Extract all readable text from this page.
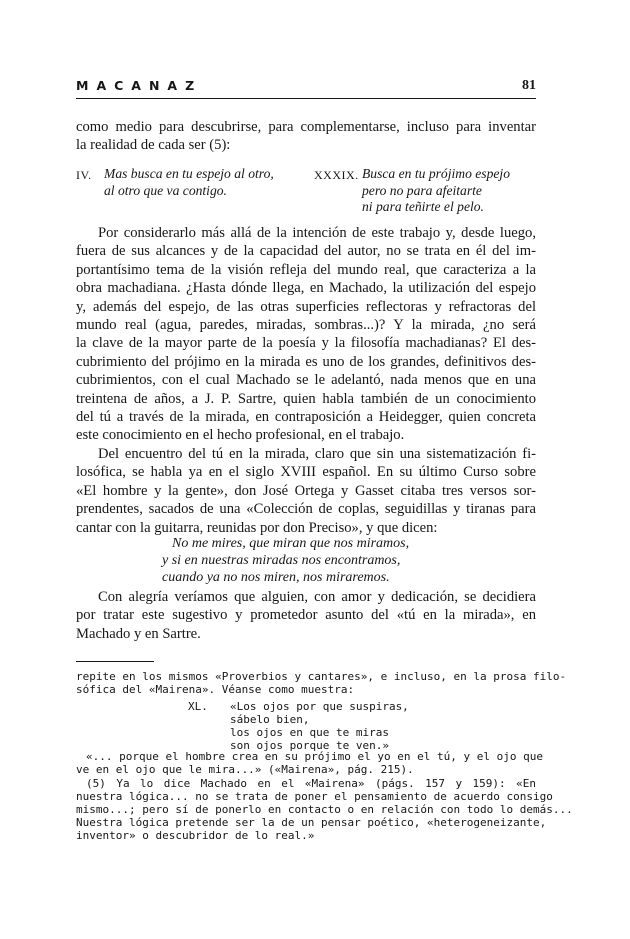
MACANAZ	81
como medio para descubrirse, para complementarse, incluso para inventar
la realidad de cada ser (5):
IV. Mas busca en tu espejo al otro,
al otro que va contigo.
XXXIX. Busca en tu prójimo espejo
pero no para afeitarte
ni para teñirte el pelo.
Por considerarlo más allá de la intención de este trabajo y, desde luego,
fuera de sus alcances y de la capacidad del autor, no se trata en él del im-
portantísimo tema de la visión refleja del mundo real, que caracteriza a la
obra machadiana. ¿Hasta dónde llega, en Machado, la utilización del espejo
y, además del espejo, de las otras superficies reflectoras y refractoras del
mundo real (agua, paredes, miradas, sombras...)? Y la mirada, ¿no será
la clave de la mayor parte de la poesía y la filosofía machadianas? El des-
cubrimiento del prójimo en la mirada es uno de los grandes, definitivos des-
cubrimientos, con el cual Machado se le adelantó, nada menos que en una
treintena de años, a J. P. Sartre, quien habla también de un conocimiento
del tú a través de la mirada, en contraposición a Heidegger, quien concreta
este conocimiento en el hecho profesional, en el trabajo.
Del encuentro del tú en la mirada, claro que sin una sistematización fi-
losófica, se habla ya en el siglo XVIII español. En su último Curso sobre
«El hombre y la gente», don José Ortega y Gasset citaba tres versos sor-
prendentes, sacados de una «Colección de coplas, seguidillas y tiranas para
cantar con la guitarra, reunidas por don Preciso», y que dicen:
No me mires, que miran que nos miramos,
y si en nuestras miradas nos encontramos,
cuando ya no nos miren, nos miraremos.
Con alegría veríamos que alguien, con amor y dedicación, se decidiera
por tratar este sugestivo y prometedor asunto del «tú en la mirada», en
Machado y en Sartre.
repite en los mismos «Proverbios y cantares», e incluso, en la prosa filo-
sófica del «Mairena». Véanse como muestra:
XL. «Los ojos por que suspiras,
sábelo bien,
los ojos en que te miras
son ojos porque te ven.»
«... porque el hombre crea en su prójimo el yo en el tú, y el ojo que
ve en el ojo que le mira...» («Mairena», pág. 215).
(5) Ya lo dice Machado en el «Mairena» (págs. 157 y 159): «En
nuestra lógica... no se trata de poner el pensamiento de acuerdo consigo
mismo...; pero sí de ponerlo en contacto o en relación con todo lo demás...
Nuestra lógica pretende ser la de un pensar poético, «heterogeneizante,
inventor» o descubridor de lo real.»
